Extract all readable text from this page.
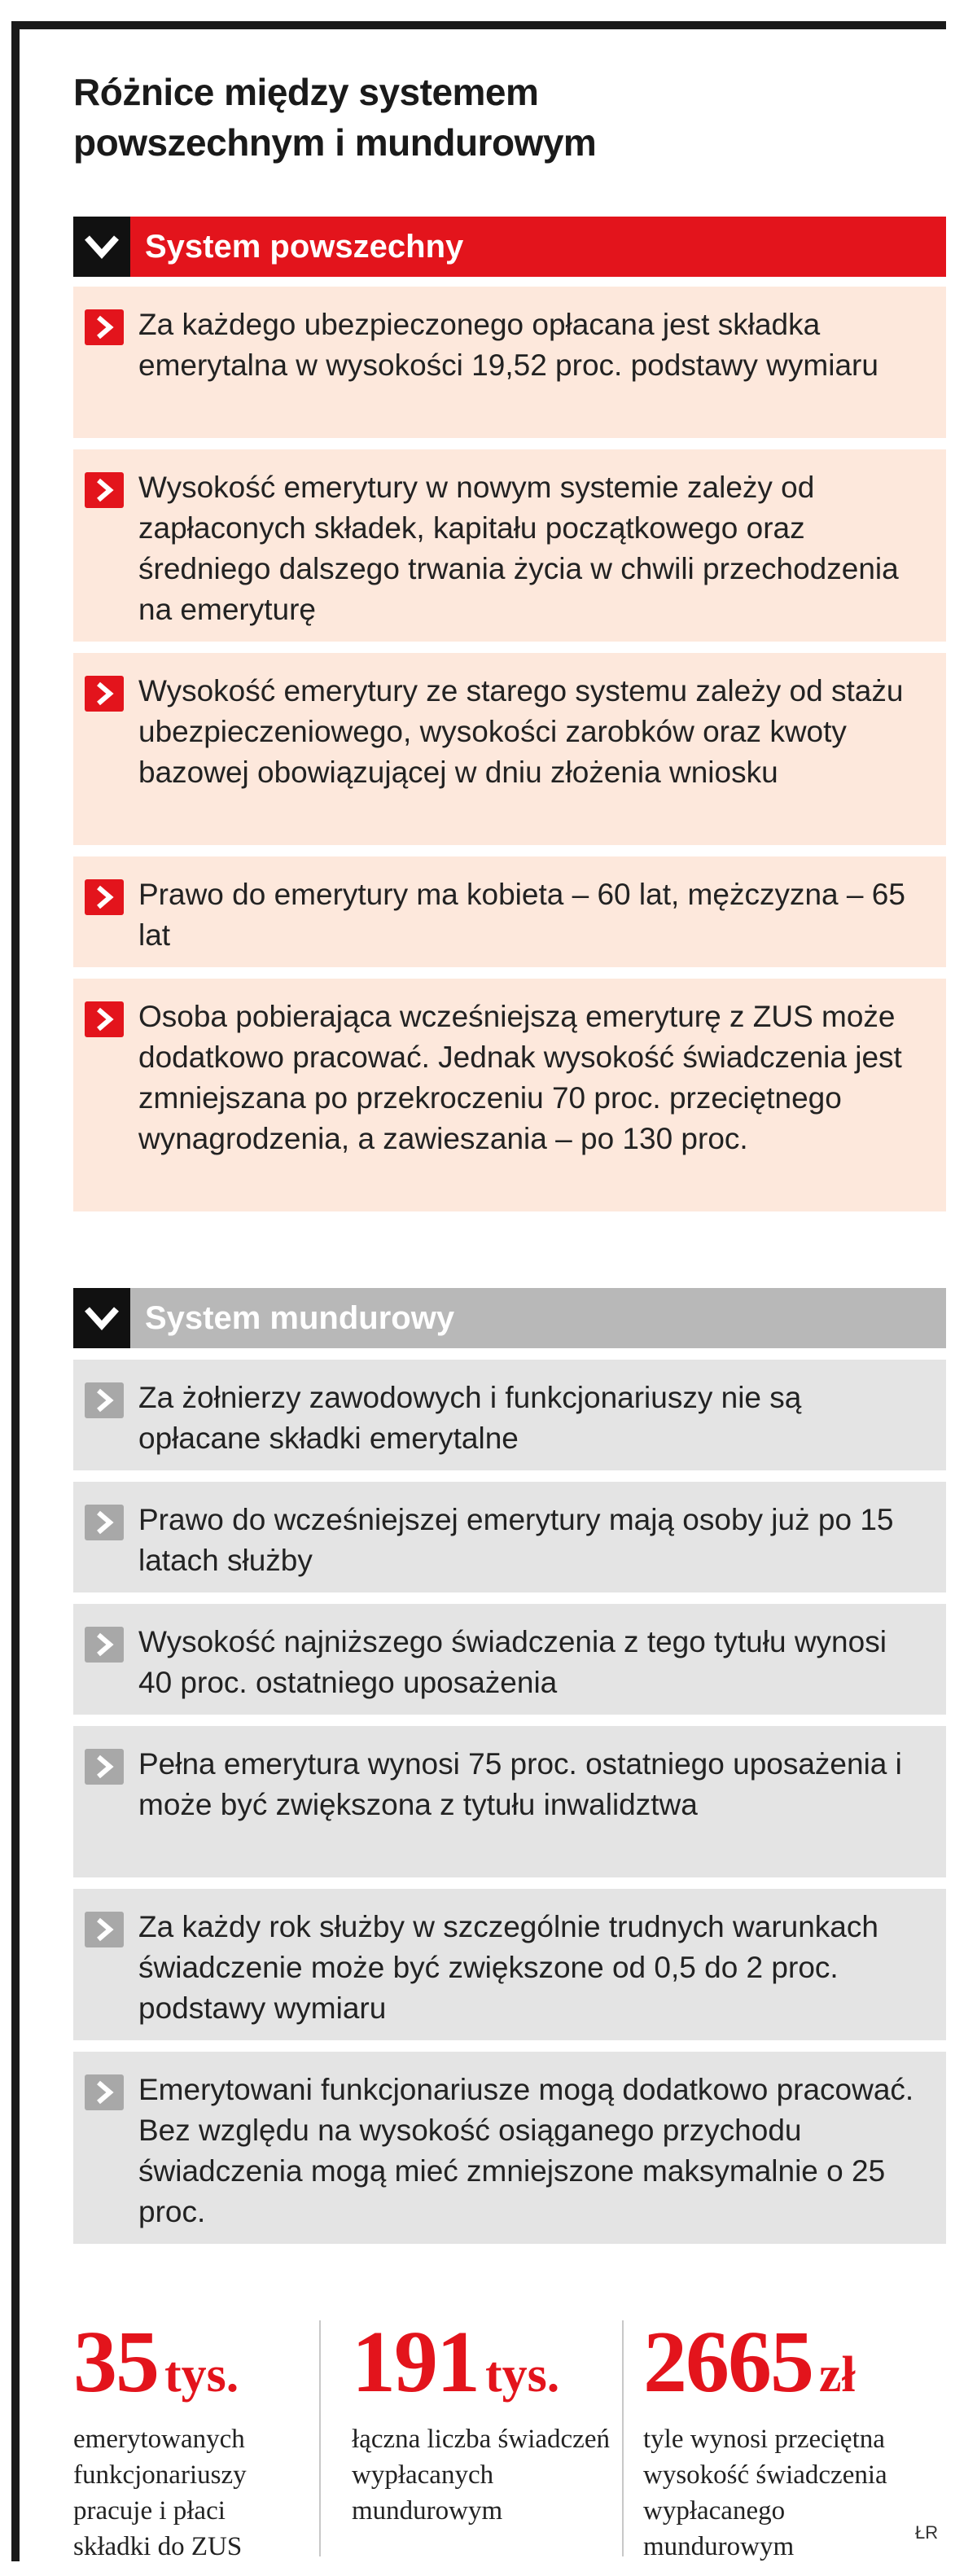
Różnice między systemem
powszechnym i mundurowym
System powszechny
Za każdego ubezpieczonego opłacana jest składka emerytalna w wysokości 19,52 proc. podstawy wymiaru
Wysokość emerytury w nowym systemie zależy od zapłaconych składek, kapitału początkowego oraz średniego dalszego trwania życia w chwili przechodzenia na emeryturę
Wysokość emerytury ze starego systemu zależy od stażu ubezpieczeniowego, wysokości zarobków oraz kwoty bazowej obowiązującej w dniu złożenia wniosku
Prawo do emerytury ma kobieta – 60 lat, mężczyzna – 65 lat
Osoba pobierająca wcześniejszą emeryturę z ZUS może dodatkowo pracować. Jednak wysokość świadczenia jest zmniejszana po przekroczeniu 70 proc. przeciętnego wynagrodzenia, a zawieszania – po 130 proc.
System mundurowy
Za żołnierzy zawodowych i funkcjonariuszy nie są opłacane składki emerytalne
Prawo do wcześniejszej emerytury mają osoby już po 15 latach służby
Wysokość najniższego świadczenia z tego tytułu wynosi 40 proc. ostatniego uposażenia
Pełna emerytura wynosi 75 proc. ostatniego uposażenia i może być zwiększona z tytułu inwalidztwa
Za każdy rok służby w szczególnie trudnych warunkach świadczenie może być zwiększone od 0,5 do 2 proc. podstawy wymiaru
Emerytowani funkcjonariusze mogą dodatkowo pracować. Bez względu na wysokość osiąganego przychodu świadczenia mogą mieć zmniejszone maksymalnie o 25 proc.
35 tys.
emerytowanych funkcjonariuszy pracuje i płaci składki do ZUS
191 tys.
łączna liczba świadczeń wypłacanych mundurowym
2665 zł
tyle wynosi przeciętna wysokość świadczenia wypłacanego mundurowym	ŁR
